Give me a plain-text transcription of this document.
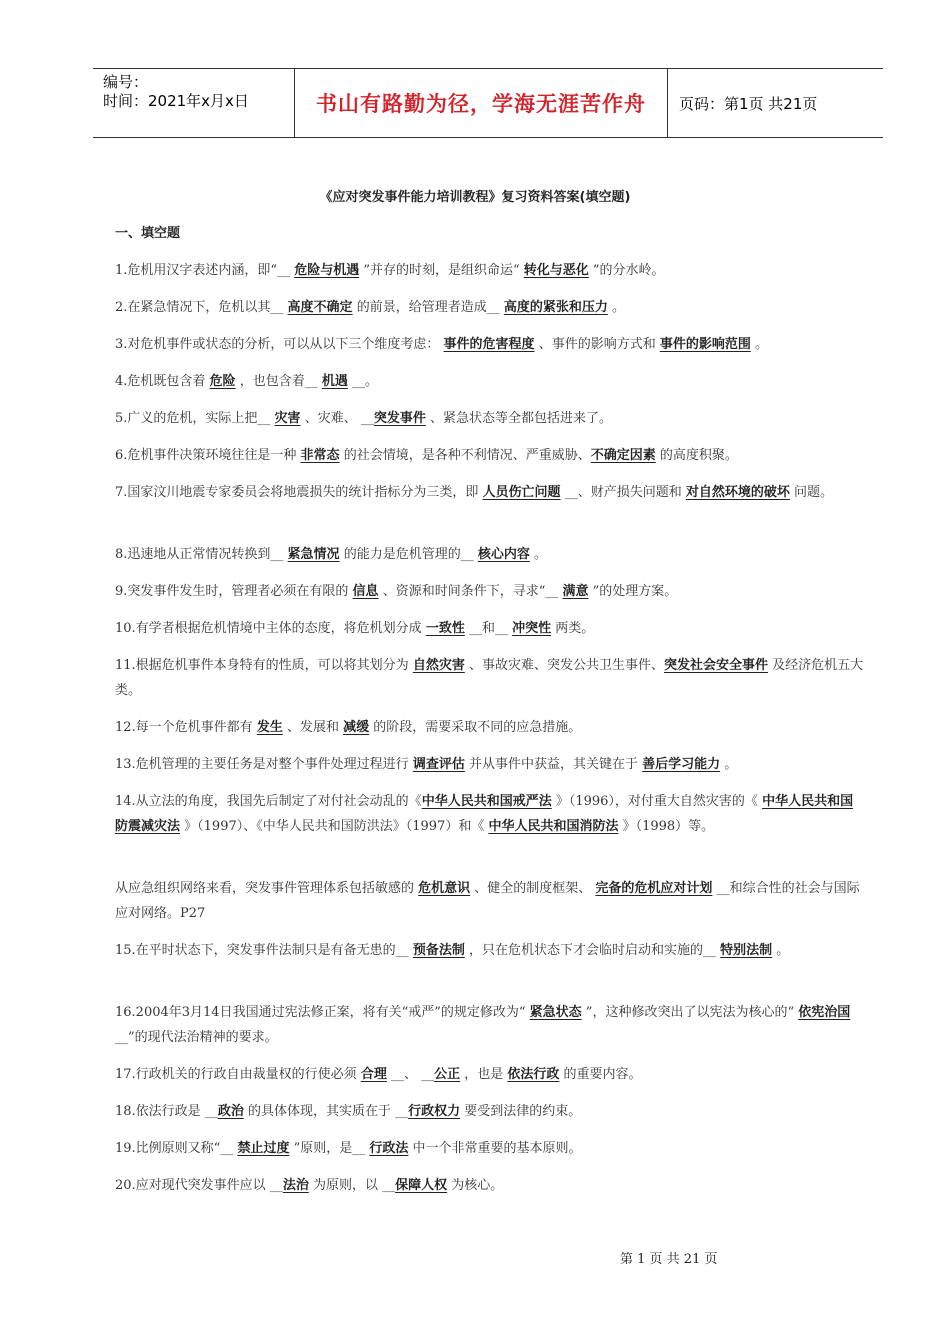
编号：
时间：2021年x月x日	书山有路勤为径，学海无涯苦作舟	页码：第1页 共21页
《应对突发事件能力培训教程》复习资料答案(填空题)
一、填空题
1.危机用汉字表述内涵，即“__ 危险与机遇 ”并存的时刻，是组织命运“ 转化与恶化 ”的分水岭。
2.在紧急情况下，危机以其__ 高度不确定 的前景，给管理者造成__ 高度的紧张和压力 。
3.对危机事件或状态的分析，可以从以下三个维度考虑： 事件的危害程度 、事件的影响方式和 事件的影响范围 。
4.危机既包含着 危险 ，也包含着__ 机遇 __。
5.广义的危机，实际上把__ 灾害 、灾难、 __突发事件 、紧急状态等全都包括进来了。
6.危机事件决策环境往往是一种 非常态 的社会情境，是各种不利情况、严重威胁、不确定因素 的高度积聚。
7.国家汶川地震专家委员会将地震损失的统计指标分为三类，即 人员伤亡问题 __、财产损失问题和 对自然环境的破坏 问题。
8.迅速地从正常情况转换到__ 紧急情况 的能力是危机管理的__ 核心内容 。
9.突发事件发生时，管理者必须在有限的 信息 、资源和时间条件下，寻求“__ 满意 ”的处理方案。
10.有学者根据危机情境中主体的态度，将危机划分成 一致性 __和__ 冲突性 两类。
11.根据危机事件本身特有的性质，可以将其划分为 自然灾害 、事故灾难、突发公共卫生事件、突发社会安全事件 及经济危机五大类。
12.每一个危机事件都有 发生 、发展和 减缓 的阶段，需要采取不同的应急措施。
13.危机管理的主要任务是对整个事件处理过程进行 调查评估 并从事件中获益，其关键在于 善后学习能力 。
14.从立法的角度，我国先后制定了对付社会动乱的《中华人民共和国戒严法 》（1996），对付重大自然灾害的《 中华人民共和国防震减灾法 》（1997）、《中华人民共和国防洪法》（1997）和《 中华人民共和国消防法 》（1998）等。
从应急组织网络来看，突发事件管理体系包括敏感的 危机意识 、健全的制度框架、 完备的危机应对计划 __和综合性的社会与国际应对网络。P27
15.在平时状态下，突发事件法制只是有备无患的__ 预备法制 ，只在危机状态下才会临时启动和实施的__ 特别法制 。
16.2004年3月14日我国通过宪法修正案，将有关“戒严”的规定修改为“ 紧急状态 ”，这种修改突出了以宪法为核心的“ 依宪治国 __”的现代法治精神的要求。
17.行政机关的行政自由裁量权的行使必须 合理 __、 __公正 ，也是 依法行政 的重要内容。
18.依法行政是 __政治 的具体体现，其实质在于 __行政权力 要受到法律的约束。
19.比例原则又称“__ 禁止过度 ”原则，是__ 行政法 中一个非常重要的基本原则。
20.应对现代突发事件应以 __法治 为原则，以 __保障人权 为核心。
第 1 页 共 21 页
